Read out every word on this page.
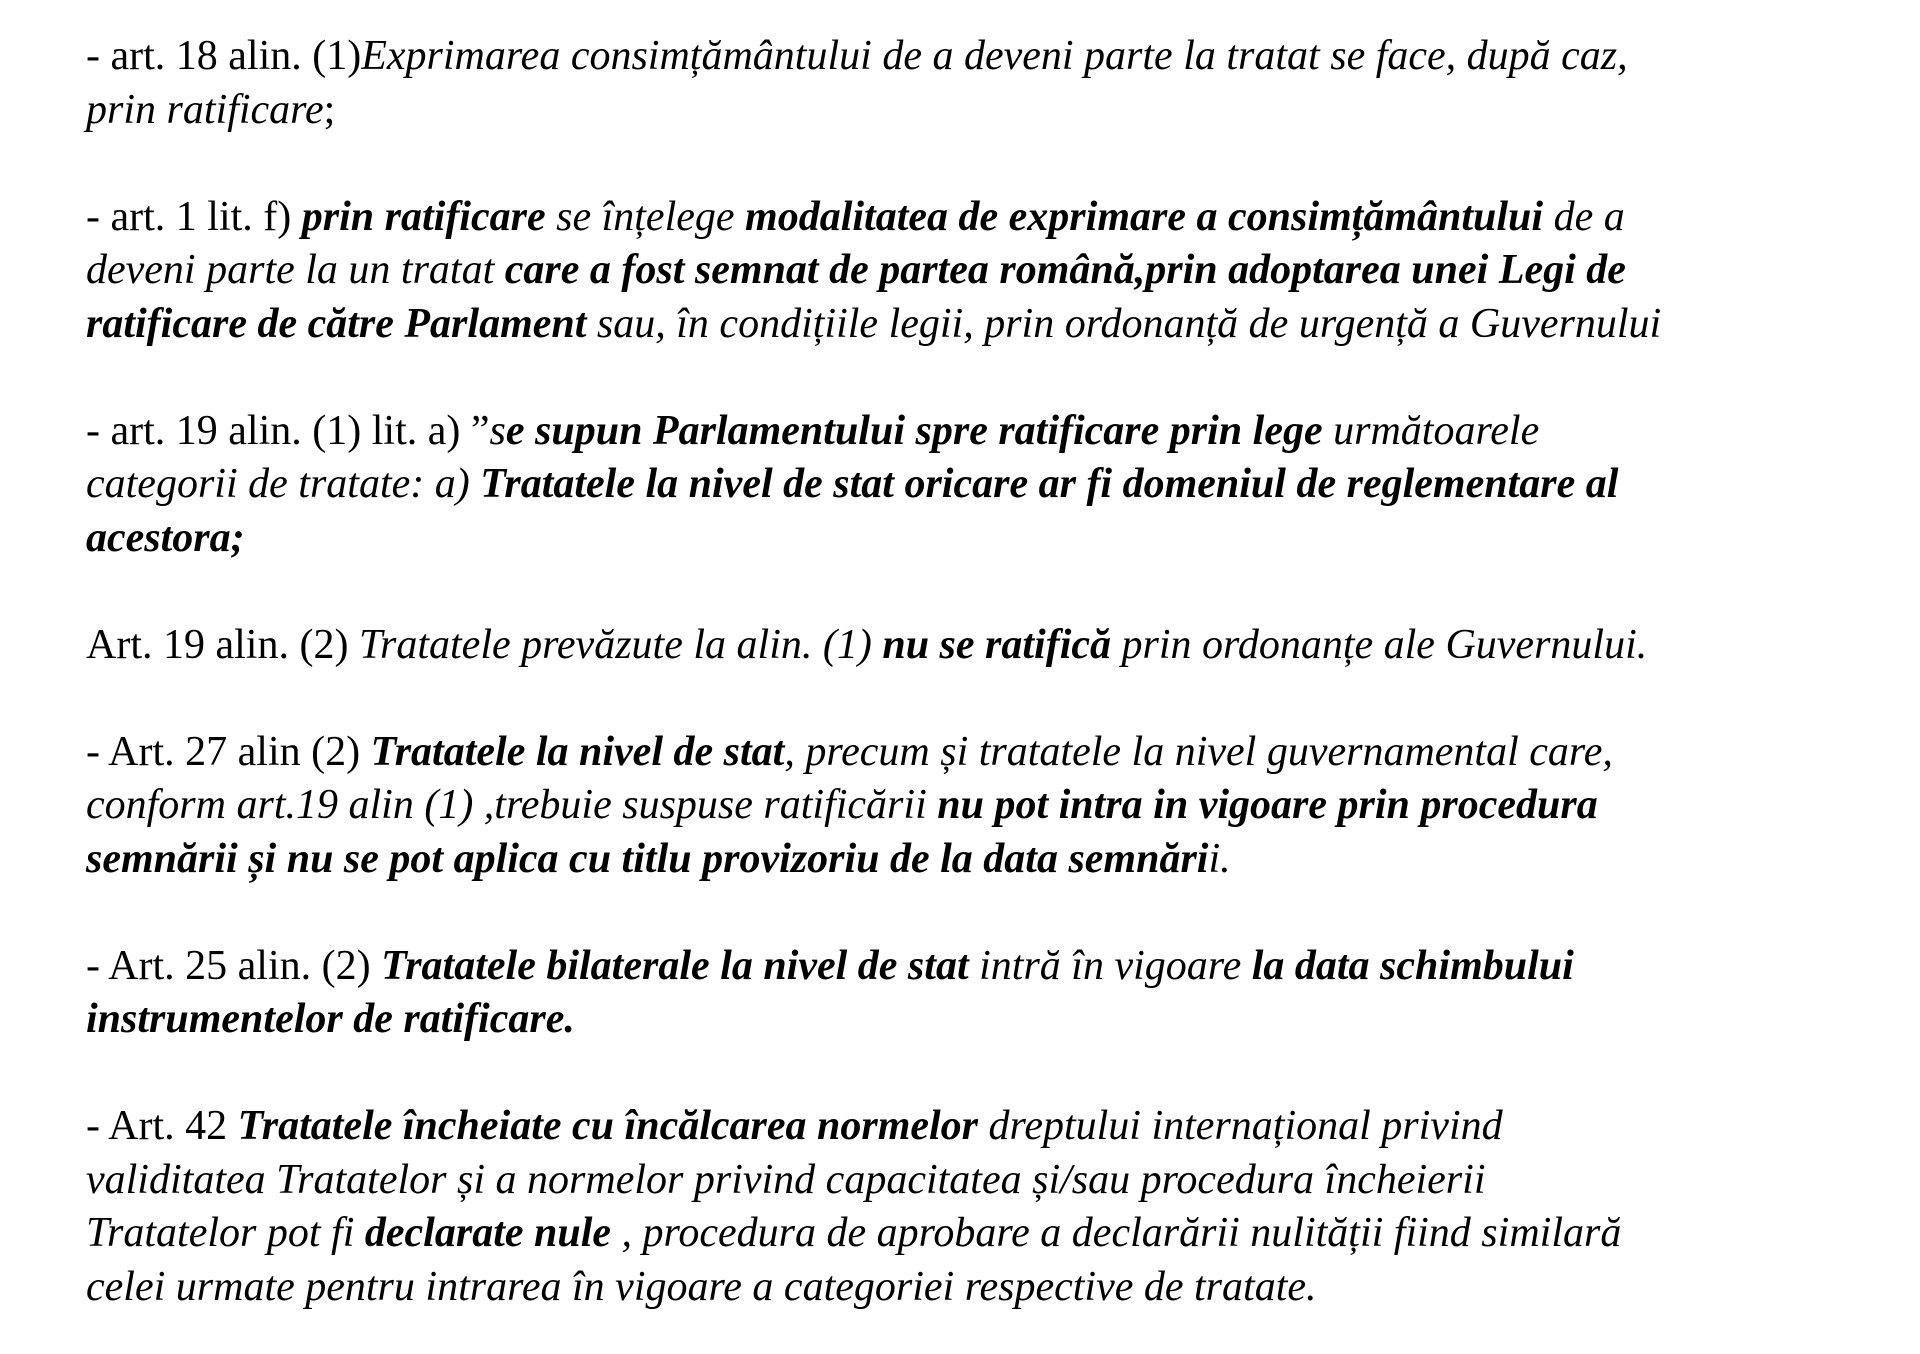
- art. 18 alin. (1)Exprimarea consimțământului de a deveni parte la tratat se face, după caz,
prin ratificare;
- art. 1 lit. f) prin ratificare se înțelege modalitatea de exprimare a consimțământului de a
deveni parte la un tratat care a fost semnat de partea română,prin adoptarea unei Legi de
ratificare de către Parlament sau, în condițiile legii, prin ordonanță de urgență a Guvernului
- art. 19 alin. (1) lit. a) ”se supun Parlamentului spre ratificare prin lege următoarele
categorii de tratate: a) Tratatele la nivel de stat oricare ar fi domeniul de reglementare al
acestora;
Art. 19 alin. (2) Tratatele prevăzute la alin. (1) nu se ratifică prin ordonanțe ale Guvernului.
- Art. 27 alin (2) Tratatele la nivel de stat, precum și tratatele la nivel guvernamental care,
conform art.19 alin (1) ,trebuie suspuse ratificării nu pot intra in vigoare prin procedura
semnării și nu se pot aplica cu titlu provizoriu de la data semnării.
- Art. 25 alin. (2) Tratatele bilaterale la nivel de stat intră în vigoare la data schimbului
instrumentelor de ratificare.
- Art. 42 Tratatele încheiate cu încălcarea normelor dreptului internațional privind
validitatea Tratatelor și a normelor privind capacitatea și/sau procedura încheierii
Tratatelor pot fi declarate nule , procedura de aprobare a declarării nulității fiind similară
celei urmate pentru intrarea în vigoare a categoriei respective de tratate.
